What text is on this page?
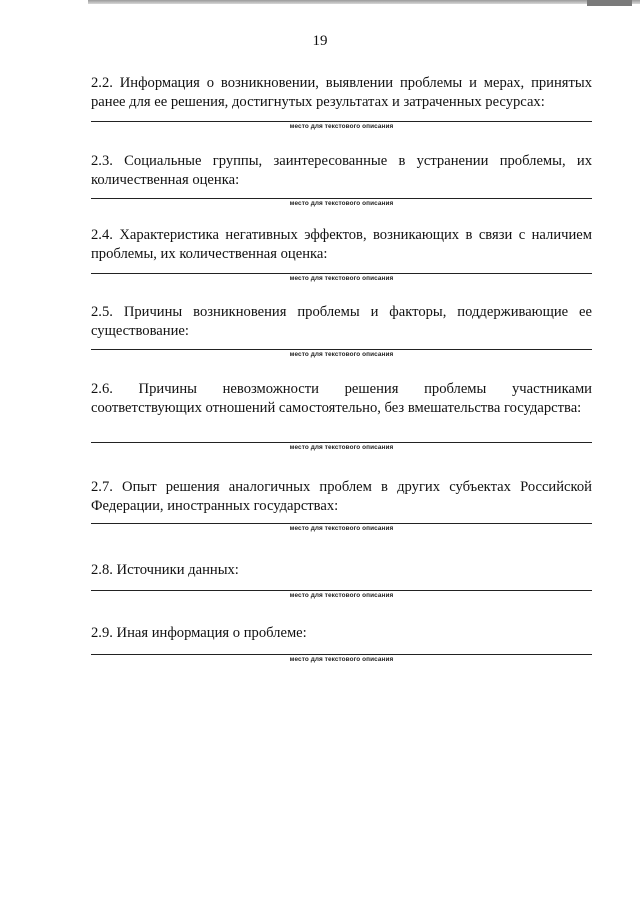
19

2.2. Информация о возникновении, выявлении проблемы и мерах, принятых ранее для ее решения, достигнутых результатах и затраченных ресурсах:

место для текстового описания

2.3. Социальные группы, заинтересованные в устранении проблемы, их количественная оценка:

место для текстового описания

2.4. Характеристика негативных эффектов, возникающих в связи с наличием проблемы, их количественная оценка:

место для текстового описания

2.5. Причины возникновения проблемы и факторы, поддерживающие ее существование:

место для текстового описания

2.6. Причины невозможности решения проблемы участниками соответствующих отношений самостоятельно, без вмешательства государства:

место для текстового описания

2.7. Опыт решения аналогичных проблем в других субъектах Российской Федерации, иностранных государствах:

место для текстового описания

2.8. Источники данных:

место для текстового описания

2.9. Иная информация о проблеме:

место для текстового описания
